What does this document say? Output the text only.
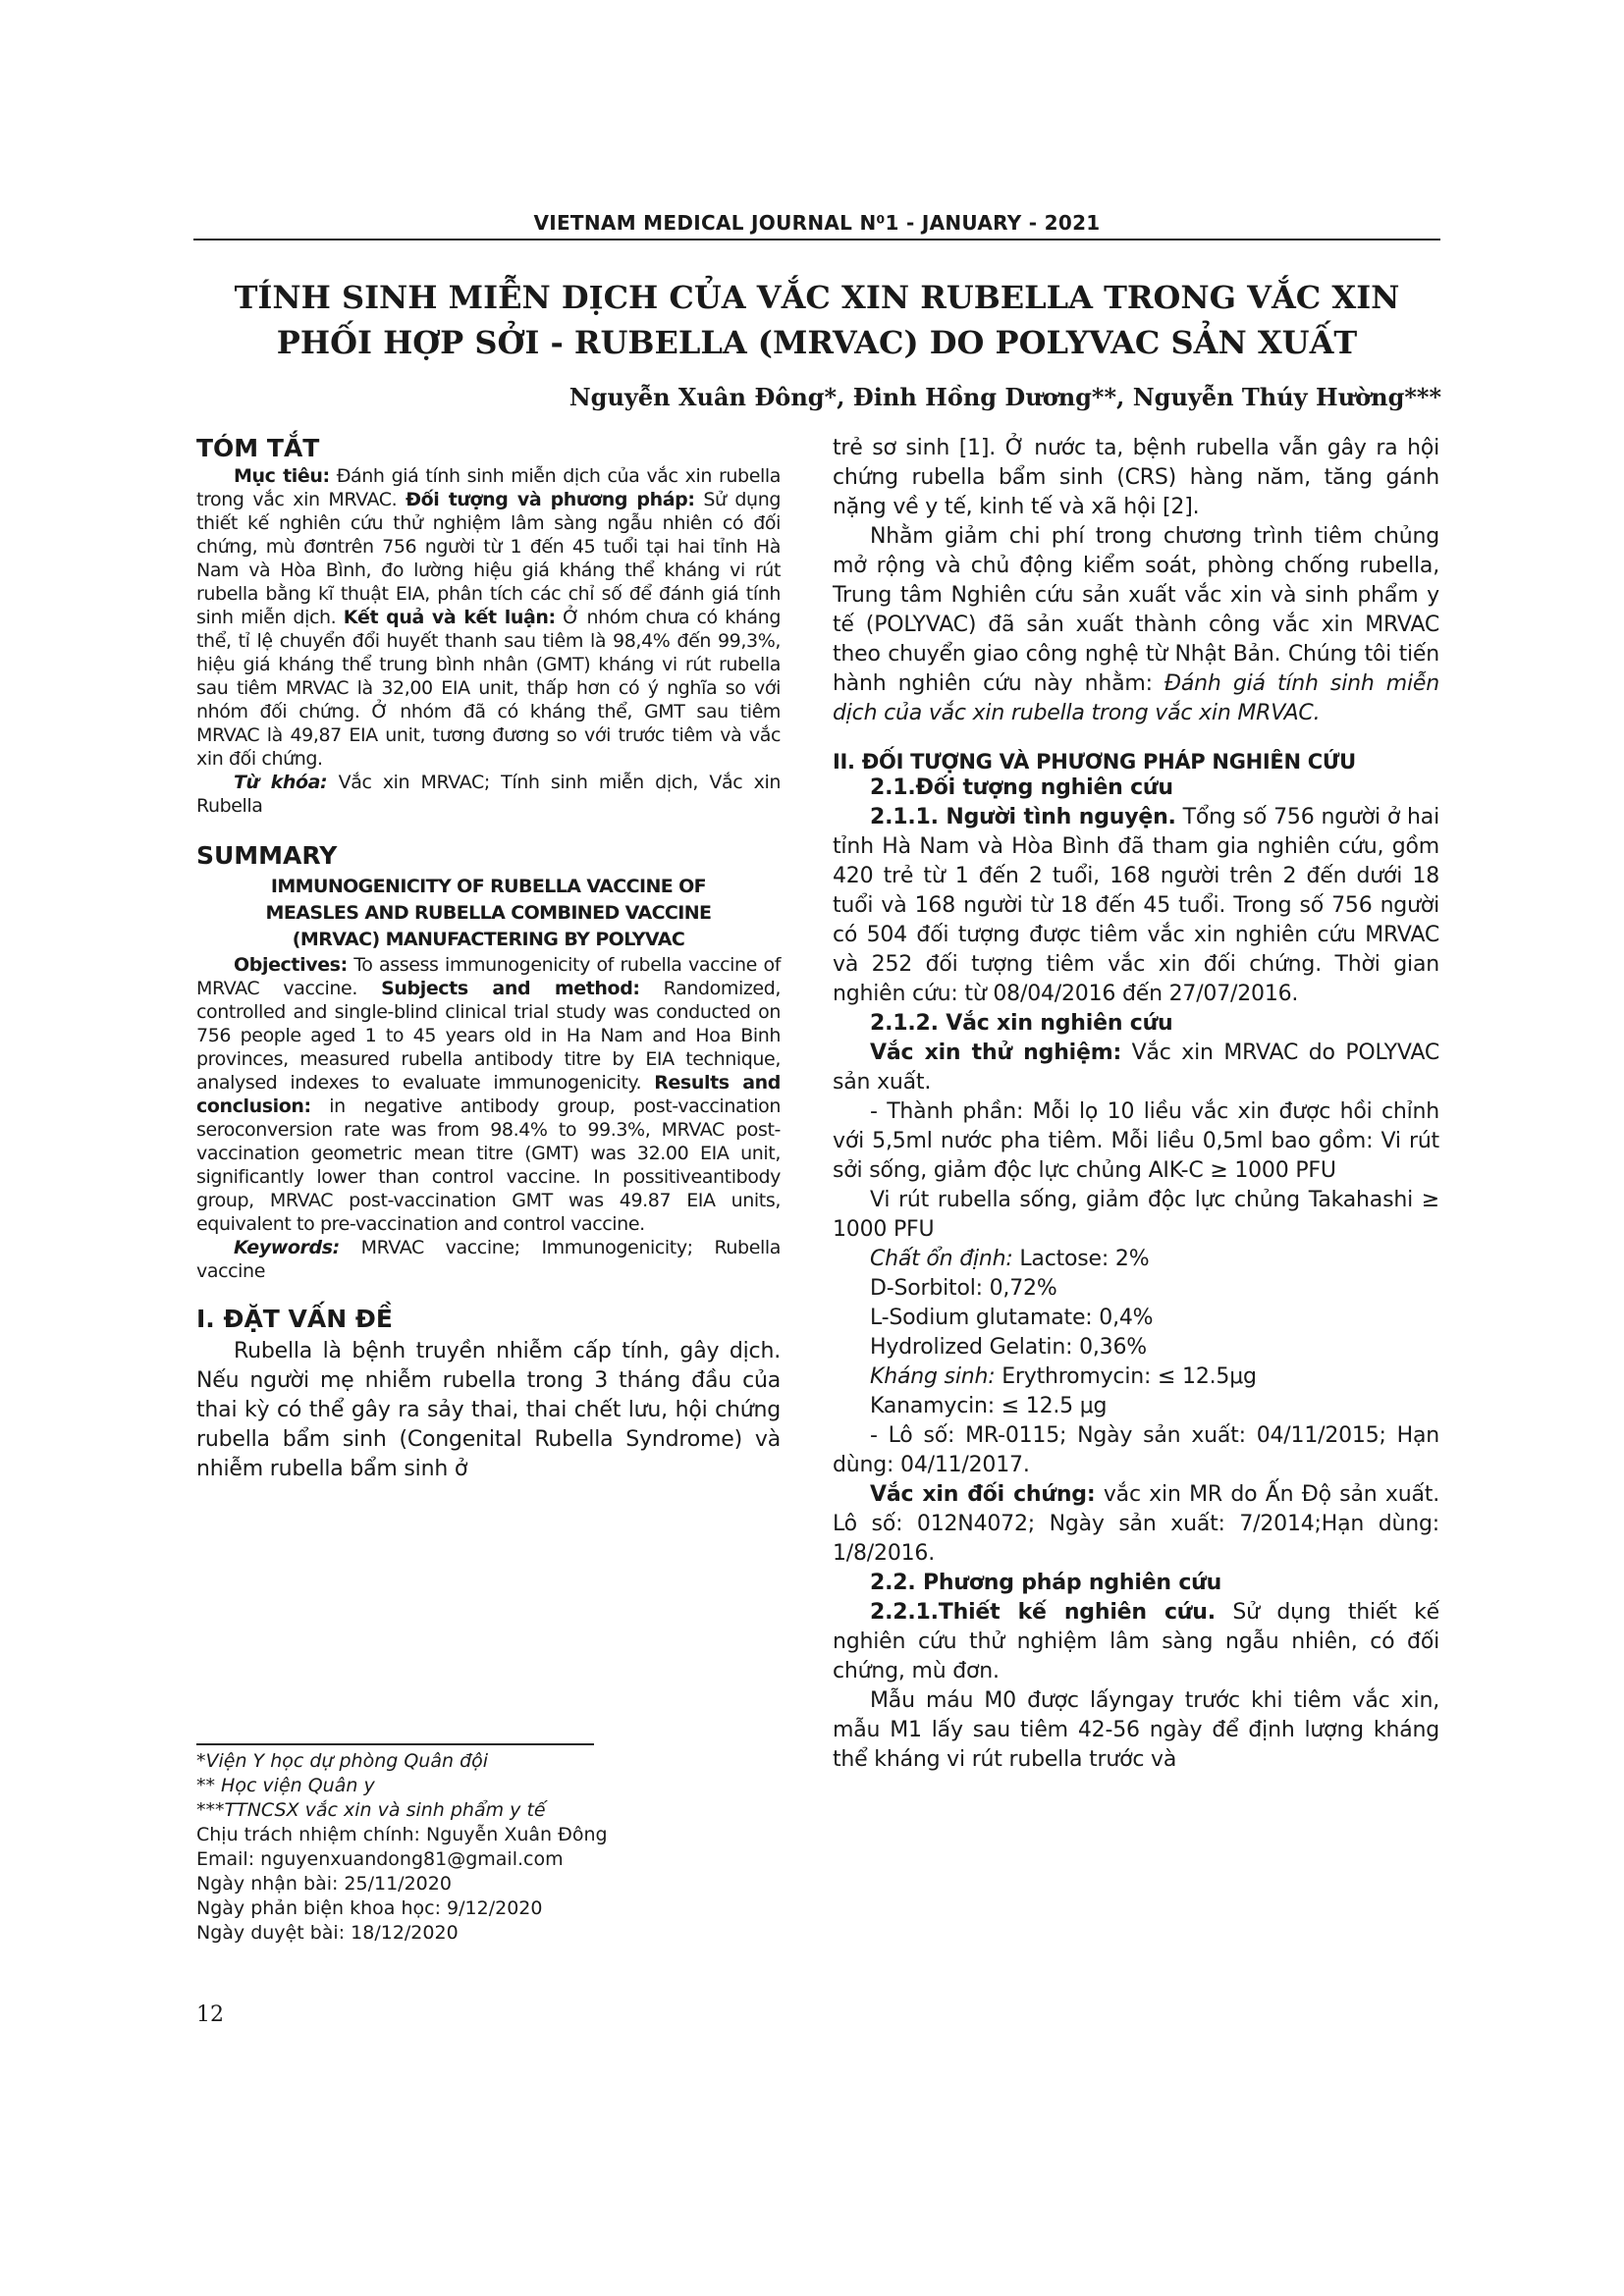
VIETNAM MEDICAL JOURNAL N⁰1 - JANUARY - 2021
TÍNH SINH MIỄN DỊCH CỦA VẮC XIN RUBELLA TRONG VẮC XIN
PHỐI HỢP SỞI - RUBELLA (MRVAC) DO POLYVAC SẢN XUẤT
Nguyễn Xuân Đông*, Đinh Hồng Dương**, Nguyễn Thúy Hường***
TÓM TẮT

Mục tiêu: Đánh giá tính sinh miễn dịch của vắc xin rubella trong vắc xin MRVAC. Đối tượng và phương pháp: Sử dụng thiết kế nghiên cứu thử nghiệm lâm sàng ngẫu nhiên có đối chứng, mù đơntrên 756 người từ 1 đến 45 tuổi tại hai tỉnh Hà Nam và Hòa Bình, đo lường hiệu giá kháng thể kháng vi rút rubella bằng kĩ thuật EIA, phân tích các chỉ số để đánh giá tính sinh miễn dịch. Kết quả và kết luận: Ở nhóm chưa có kháng thể, tỉ lệ chuyển đổi huyết thanh sau tiêm là 98,4% đến 99,3%, hiệu giá kháng thể trung bình nhân (GMT) kháng vi rút rubella sau tiêm MRVAC là 32,00 EIA unit, thấp hơn có ý nghĩa so với nhóm đối chứng. Ở nhóm đã có kháng thể, GMT sau tiêm MRVAC là 49,87 EIA unit, tương đương so với trước tiêm và vắc xin đối chứng.

Từ khóa: Vắc xin MRVAC; Tính sinh miễn dịch, Vắc xin Rubella

SUMMARY

IMMUNOGENICITY OF RUBELLA VACCINE OF MEASLES AND RUBELLA COMBINED VACCINE (MRVAC) MANUFACTERING BY POLYVAC

Objectives: To assess immunogenicity of rubella vaccine of MRVAC vaccine. Subjects and method: Randomized, controlled and single-blind clinical trial study was conducted on 756 people aged 1 to 45 years old in Ha Nam and Hoa Binh provinces, measured rubella antibody titre by EIA technique, analysed indexes to evaluate immunogenicity. Results and conclusion: in negative antibody group, post-vaccination seroconversion rate was from 98.4% to 99.3%, MRVAC post-vaccination geometric mean titre (GMT) was 32.00 EIA unit, significantly lower than control vaccine. In possitiveantibody group, MRVAC post-vaccination GMT was 49.87 EIA units, equivalent to pre-vaccination and control vaccine.

Keywords: MRVAC vaccine; Immunogenicity; Rubella vaccine

I. ĐẶT VẤN ĐỀ

Rubella là bệnh truyền nhiễm cấp tính, gây dịch. Nếu người mẹ nhiễm rubella trong 3 tháng đầu của thai kỳ có thể gây ra sảy thai, thai chết lưu, hội chứng rubella bẩm sinh (Congenital Rubella Syndrome) và nhiễm rubella bẩm sinh ở

*Viện Y học dự phòng Quân đội
** Học viện Quân y
***TTNCSX vắc xin và sinh phẩm y tế
Chịu trách nhiệm chính: Nguyễn Xuân Đông
Email: nguyenxuandong81@gmail.com
Ngày nhận bài: 25/11/2020
Ngày phản biện khoa học: 9/12/2020
Ngày duyệt bài: 18/12/2020

trẻ sơ sinh [1]. Ở nước ta, bệnh rubella vẫn gây ra hội chứng rubella bẩm sinh (CRS) hàng năm, tăng gánh nặng về y tế, kinh tế và xã hội [2].

Nhằm giảm chi phí trong chương trình tiêm chủng mở rộng và chủ động kiểm soát, phòng chống rubella, Trung tâm Nghiên cứu sản xuất vắc xin và sinh phẩm y tế (POLYVAC) đã sản xuất thành công vắc xin MRVAC theo chuyển giao công nghệ từ Nhật Bản. Chúng tôi tiến hành nghiên cứu này nhằm: Đánh giá tính sinh miễn dịch của vắc xin rubella trong vắc xin MRVAC.

II. ĐỐI TƯỢNG VÀ PHƯƠNG PHÁP NGHIÊN CỨU

2.1.Đối tượng nghiên cứu

2.1.1. Người tình nguyện. Tổng số 756 người ở hai tỉnh Hà Nam và Hòa Bình đã tham gia nghiên cứu, gồm 420 trẻ từ 1 đến 2 tuổi, 168 người trên 2 đến dưới 18 tuổi và 168 người từ 18 đến 45 tuổi. Trong số 756 người có 504 đối tượng được tiêm vắc xin nghiên cứu MRVAC và 252 đối tượng tiêm vắc xin đối chứng. Thời gian nghiên cứu: từ 08/04/2016 đến 27/07/2016.

2.1.2. Vắc xin nghiên cứu

Vắc xin thử nghiệm: Vắc xin MRVAC do POLYVAC sản xuất.

- Thành phần: Mỗi lọ 10 liều vắc xin được hồi chỉnh với 5,5ml nước pha tiêm. Mỗi liều 0,5ml bao gồm: Vi rút sởi sống, giảm độc lực chủng AIK-C ≥ 1000 PFU

Vi rút rubella sống, giảm độc lực chủng Takahashi ≥ 1000 PFU

Chất ổn định: Lactose: 2%

D-Sorbitol: 0,72%

L-Sodium glutamate: 0,4%

Hydrolized Gelatin: 0,36%

Kháng sinh: Erythromycin: ≤ 12.5μg

Kanamycin: ≤ 12.5 μg

- Lô số: MR-0115; Ngày sản xuất: 04/11/2015; Hạn dùng: 04/11/2017.

Vắc xin đối chứng: vắc xin MR do Ấn Độ sản xuất. Lô số: 012N4072; Ngày sản xuất: 7/2014;Hạn dùng: 1/8/2016.

2.2. Phương pháp nghiên cứu

2.2.1.Thiết kế nghiên cứu. Sử dụng thiết kế nghiên cứu thử nghiệm lâm sàng ngẫu nhiên, có đối chứng, mù đơn.

Mẫu máu M0 được lấyngay trước khi tiêm vắc xin, mẫu M1 lấy sau tiêm 42-56 ngày để định lượng kháng thể kháng vi rút rubella trước và

12
